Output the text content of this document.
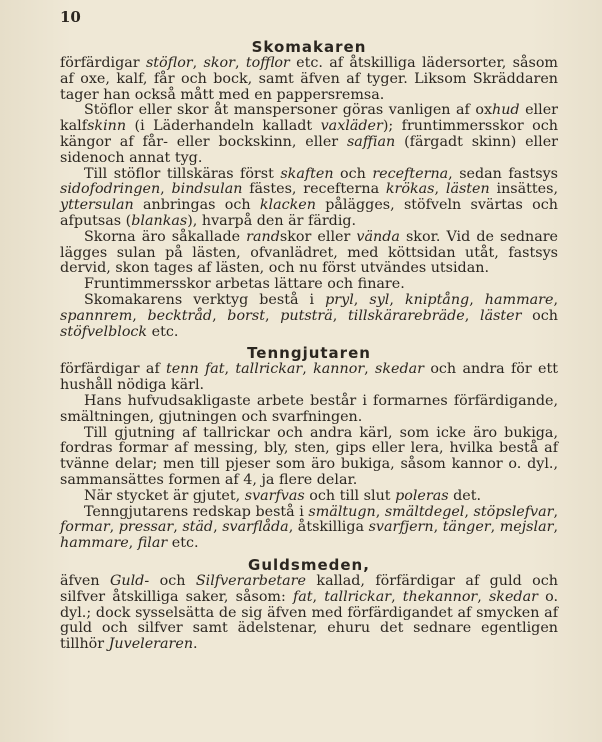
10
Skomakaren

förfärdigar stöflor, skor, tofflor etc. af åtskilliga lädersorter, såsom af oxe, kalf, får och bock, samt äfven af tyger. Liksom Skräddaren tager han också mått med en pappersremsa.

Stöflor eller skor åt manspersoner göras vanligen af oxhud eller kalfskinn (i Läderhandeln kalladt vaxläder); fruntimmersskor och kängor af får- eller bockskinn, eller saffian (färgadt skinn) eller sidenoch annat tyg.

Till stöflor tillskäras först skaften och recefterna, sedan fastsys sidofodringen, bindsulan fästes, recefterna krökas, lästen insättes, yttersulan anbringas och klacken pålägges, stöfveln svärtas och afputsas (blankas), hvarpå den är färdig.

Skorna äro såkallade randskor eller vända skor. Vid de sednare lägges sulan på lästen, ofvanlädret, med köttsidan utåt, fastsys dervid, skon tages af lästen, och nu först utvändes utsidan.

Fruntimmersskor arbetas lättare och finare.

Skomakarens verktyg bestå i pryl, syl, kniptång, hammare, spannrem, becktråd, borst, putsträ, tillskärarebräde, läster och stöfvelblock etc.

Tenngjutaren

förfärdigar af tenn fat, tallrickar, kannor, skedar och andra för ett hushåll nödiga kärl.

Hans hufvudsakligaste arbete består i formarnes förfärdigande, smältningen, gjutningen och svarfningen.

Till gjutning af tallrickar och andra kärl, som icke äro bukiga, fordras formar af messing, bly, sten, gips eller lera, hvilka bestå af tvänne delar; men till pjeser som äro bukiga, såsom kannor o. dyl., sammansättes formen af 4, ja flere delar.

När stycket är gjutet, svarfvas och till slut poleras det.

Tenngjutarens redskap bestå i smältugn, smältdegel, stöpslefvar, formar, pressar, städ, svarflåda, åtskilliga svarfjern, tänger, mejslar, hammare, filar etc.

Guldsmeden,

äfven Guld- och Silfverarbetare kallad, förfärdigar af guld och silfver åtskilliga saker, såsom: fat, tallrickar, thekannor, skedar o. dyl.; dock sysselsätta de sig äfven med förfärdigandet af smycken af guld och silfver samt ädelstenar, ehuru det sednare egentligen tillhör Juveleraren.
